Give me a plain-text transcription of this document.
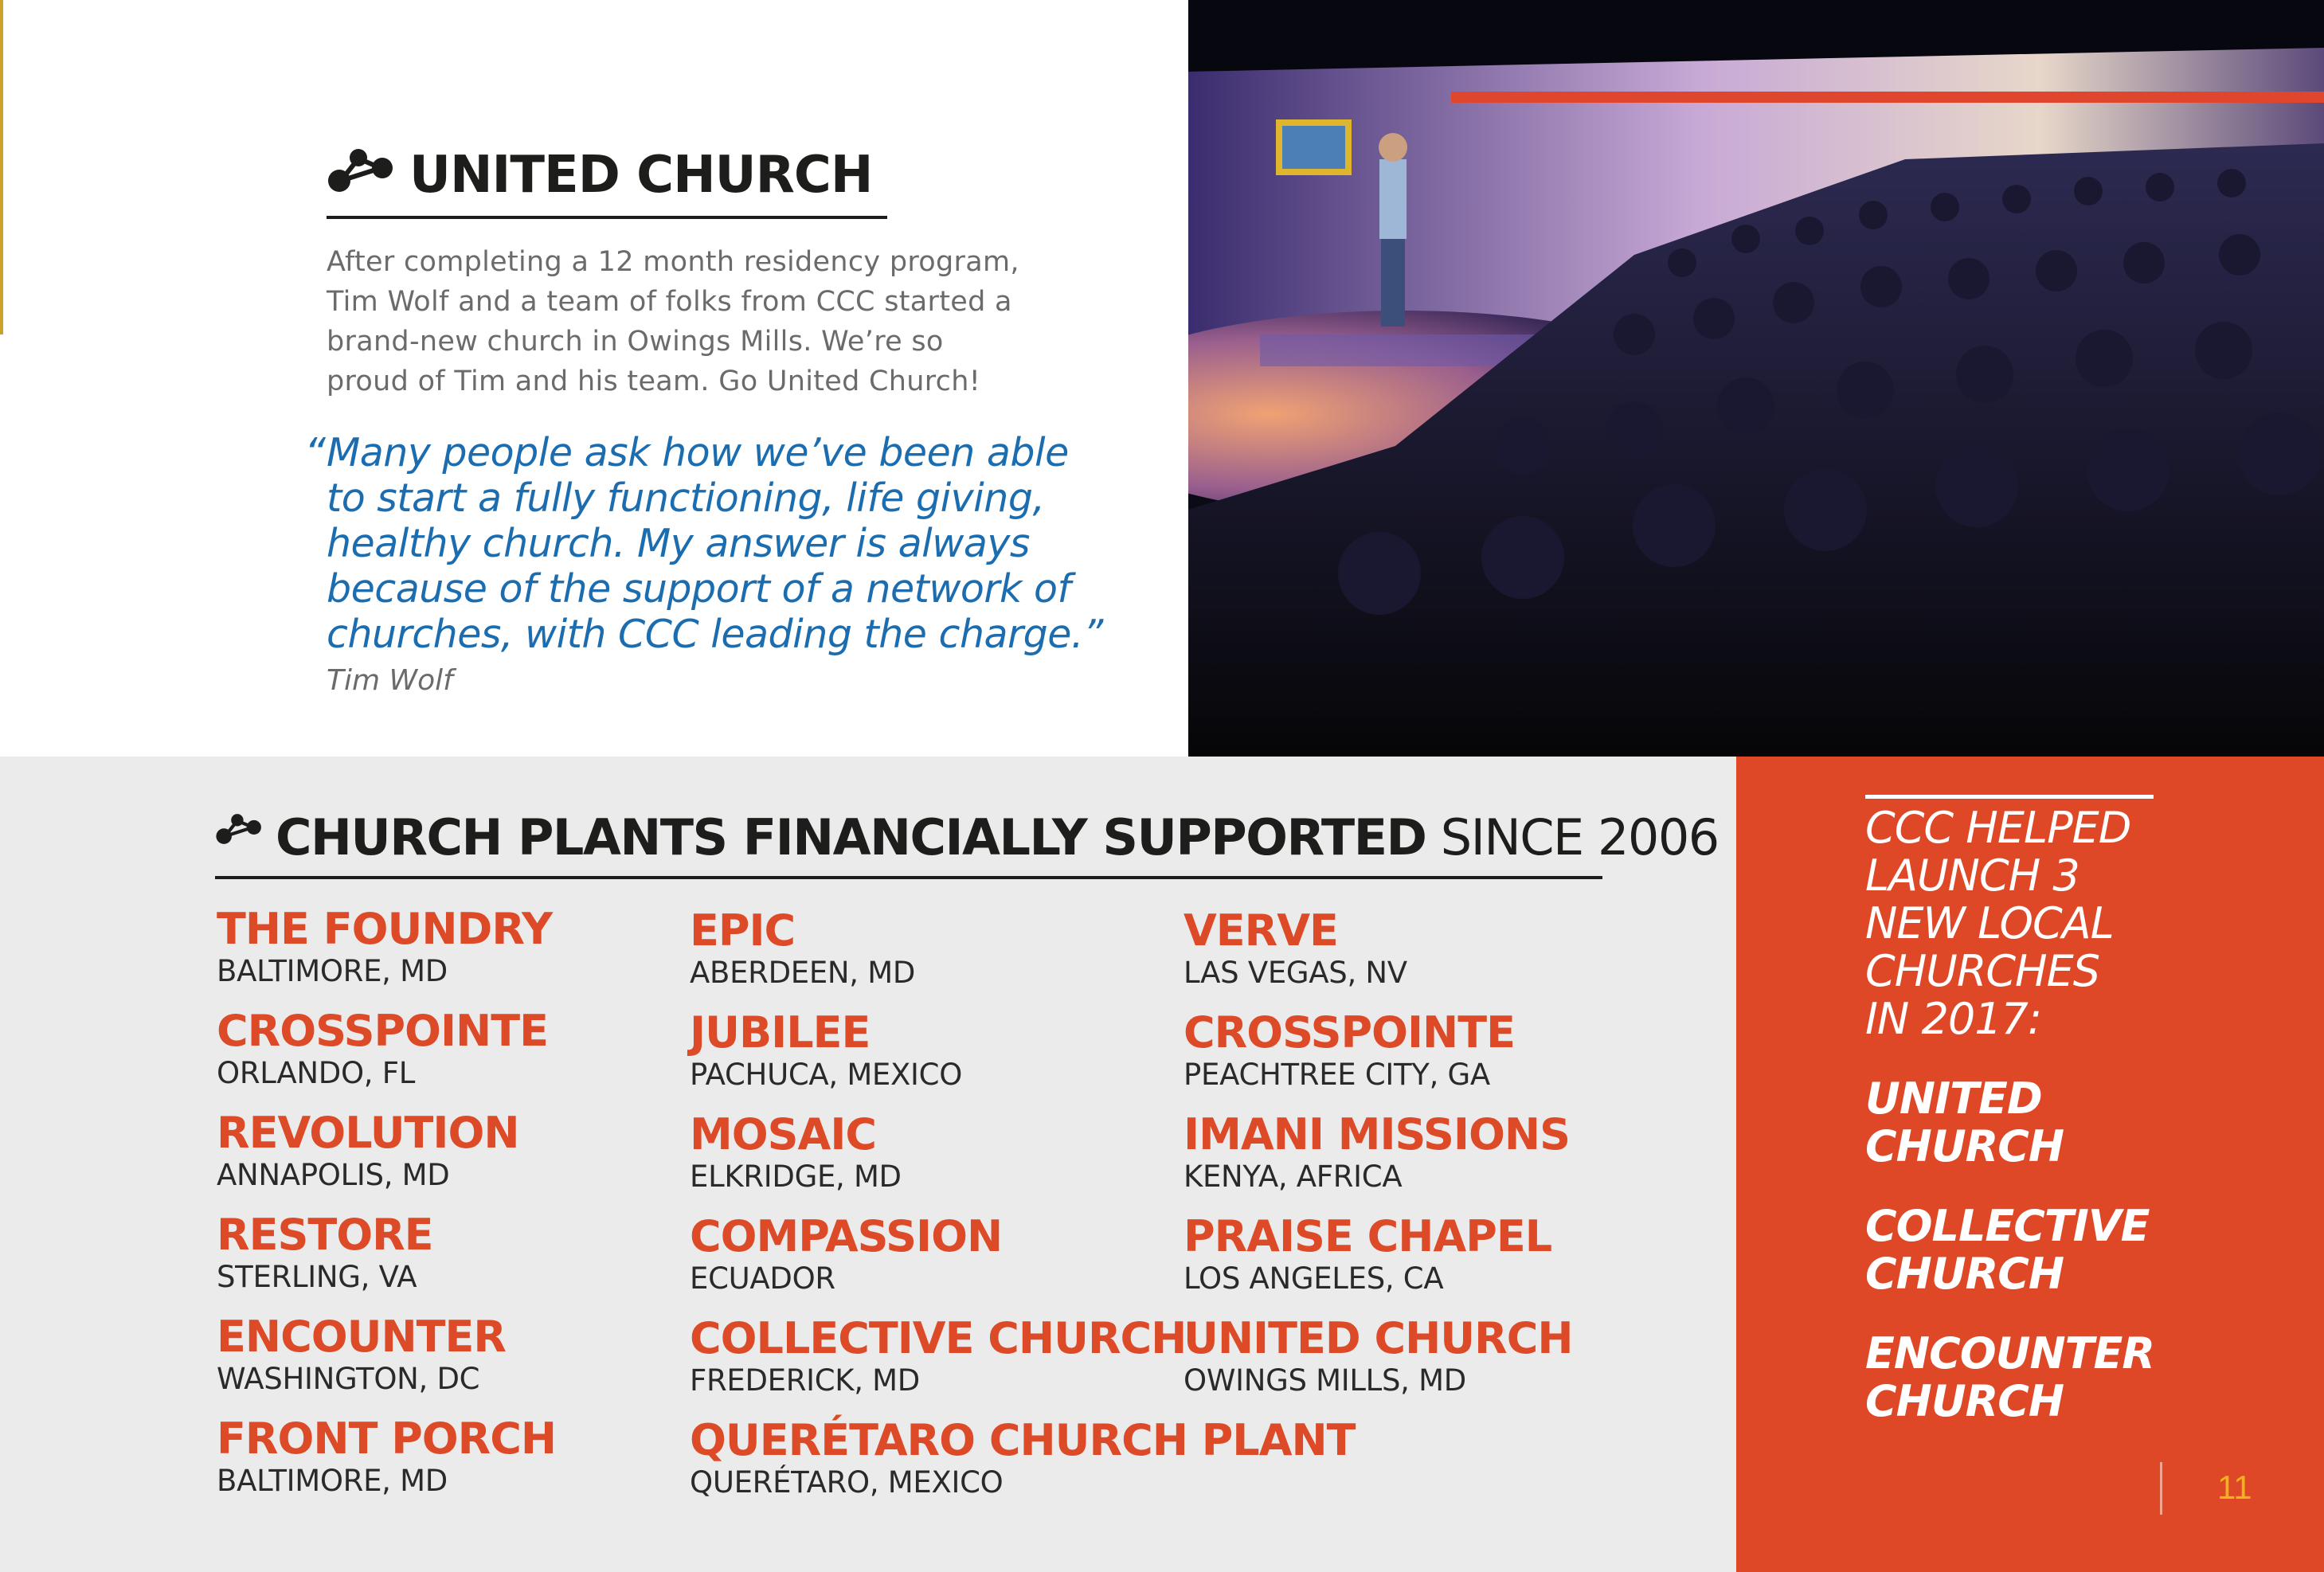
UNITED CHURCH
After completing a 12 month residency program,
Tim Wolf and a team of folks from CCC started a
brand-new church in Owings Mills. We’re so
proud of Tim and his team. Go United Church!
“ Many people ask how we’ve been able
to start a fully functioning, life giving,
healthy church. My answer is always
because of the support of a network of
churches, with CCC leading the charge.”
Tim Wolf
CHURCH PLANTS FINANCIALLY SUPPORTED SINCE 2006
THE FOUNDRY
BALTIMORE, MD
CROSSPOINTE
ORLANDO, FL
REVOLUTION
ANNAPOLIS, MD
RESTORE
STERLING, VA
ENCOUNTER
WASHINGTON, DC
FRONT PORCH
BALTIMORE, MD
EPIC
ABERDEEN, MD
JUBILEE
PACHUCA, MEXICO
MOSAIC
ELKRIDGE, MD
COMPASSION
ECUADOR
COLLECTIVE CHURCH
FREDERICK, MD
QUERÉTARO CHURCH PLANT
QUERÉTARO, MEXICO
VERVE
LAS VEGAS, NV
CROSSPOINTE
PEACHTREE CITY, GA
IMANI MISSIONS
KENYA, AFRICA
PRAISE CHAPEL
LOS ANGELES, CA
UNITED CHURCH
OWINGS MILLS, MD
CCC HELPED
LAUNCH 3
NEW LOCAL
CHURCHES
IN 2017:
UNITED
CHURCH
COLLECTIVE
CHURCH
ENCOUNTER
CHURCH
11
